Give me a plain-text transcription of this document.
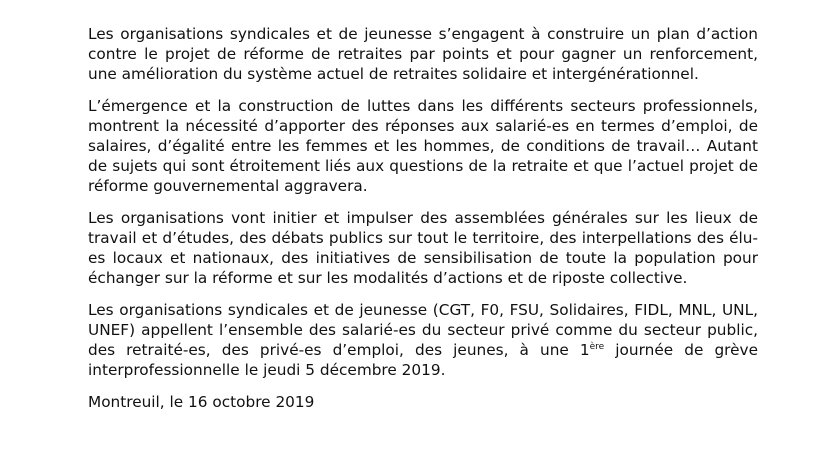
Les organisations syndicales et de jeunesse s’engagent à construire un plan d’action contre le projet de réforme de retraites par points et pour gagner un renforcement, une amélioration du système actuel de retraites solidaire et intergénérationnel.

L’émergence et la construction de luttes dans les différents secteurs professionnels, montrent la nécessité d’apporter des réponses aux salarié-es en termes d’emploi, de salaires, d’égalité entre les femmes et les hommes, de conditions de travail… Autant de sujets qui sont étroitement liés aux questions de la retraite et que l’actuel projet de réforme gouvernemental aggravera.

Les organisations vont initier et impulser des assemblées générales sur les lieux de travail et d’études, des débats publics sur tout le territoire, des interpellations des élu-es locaux et nationaux, des initiatives de sensibilisation de toute la population pour échanger sur la réforme et sur les modalités d’actions et de riposte collective.

Les organisations syndicales et de jeunesse (CGT, F0, FSU, Solidaires, FIDL, MNL, UNL, UNEF) appellent l’ensemble des salarié-es du secteur privé comme du secteur public, des retraité-es, des privé-es d’emploi, des jeunes, à une 1ère journée de grève interprofessionnelle le jeudi 5 décembre 2019.

Montreuil, le 16 octobre 2019
